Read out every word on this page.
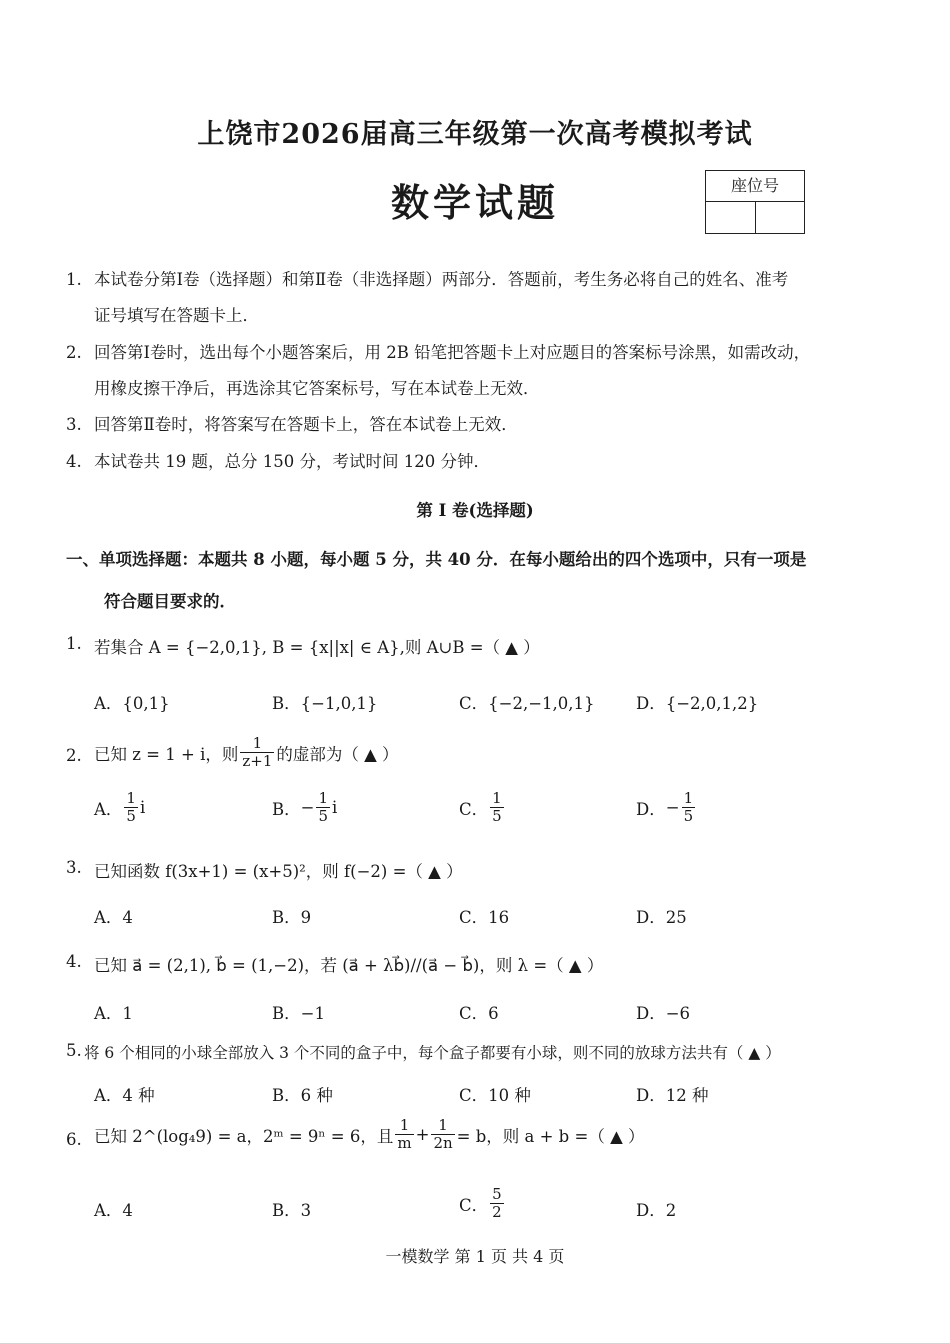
上饶市2026届高三年级第一次高考模拟考试
数学试题	座位号
1. 本试卷分第Ⅰ卷（选择题）和第Ⅱ卷（非选择题）两部分．答题前，考生务必将自己的姓名、准考
证号填写在答题卡上．
2. 回答第Ⅰ卷时，选出每个小题答案后，用 2B 铅笔把答题卡上对应题目的答案标号涂黑，如需改动，
用橡皮擦干净后，再选涂其它答案标号，写在本试卷上无效．
3. 回答第Ⅱ卷时，将答案写在答题卡上，答在本试卷上无效．
4. 本试卷共 19 题，总分 150 分，考试时间 120 分钟．
第 I 卷(选择题)
一、单项选择题：本题共 8 小题，每小题 5 分，共 40 分．在每小题给出的四个选项中，只有一项是
符合题目要求的．
1. 若集合 A = {−2,0,1}, B = {x||x| ∈ A},则 A∪B =（ ▲ ）
A．{0,1}	B．{−1,0,1}	C．{−2,−1,0,1}	D．{−2,0,1,2}
2. 已知 z = 1 + i，则 $\frac{1}{z+1}$ 的虚部为（ ▲ ）
A． $\frac{1}{5}$ i	B． − $\frac{1}{5}$ i	C． $\frac{1}{5}$	D． − $\frac{1}{5}$
3. 已知函数 f(3x+1) = (x+5)²，则 f(−2) =（ ▲ ）
A．4	B．9	C．16	D．25
4. 已知 a⃗ = (2,1), b⃗ = (1,−2)，若 (a⃗ + λb⃗)//(a⃗ − b⃗)，则 λ =（ ▲ ）
A．1	B．−1	C．6	D．−6
5. 将 6 个相同的小球全部放入 3 个不同的盒子中，每个盒子都要有小球，则不同的放球方法共有（ ▲ ）
A．4 种	B．6 种	C．10 种	D．12 种
6. 已知 2^(log₄9) = a，2ᵐ = 9ⁿ = 6，且 $\frac{1}{m} + \frac{1}{2n} = b$，则 a + b =（ ▲ ）
A．4	B．3	C． $\frac{5}{2}$	D．2
一模数学 第 1 页 共 4 页
